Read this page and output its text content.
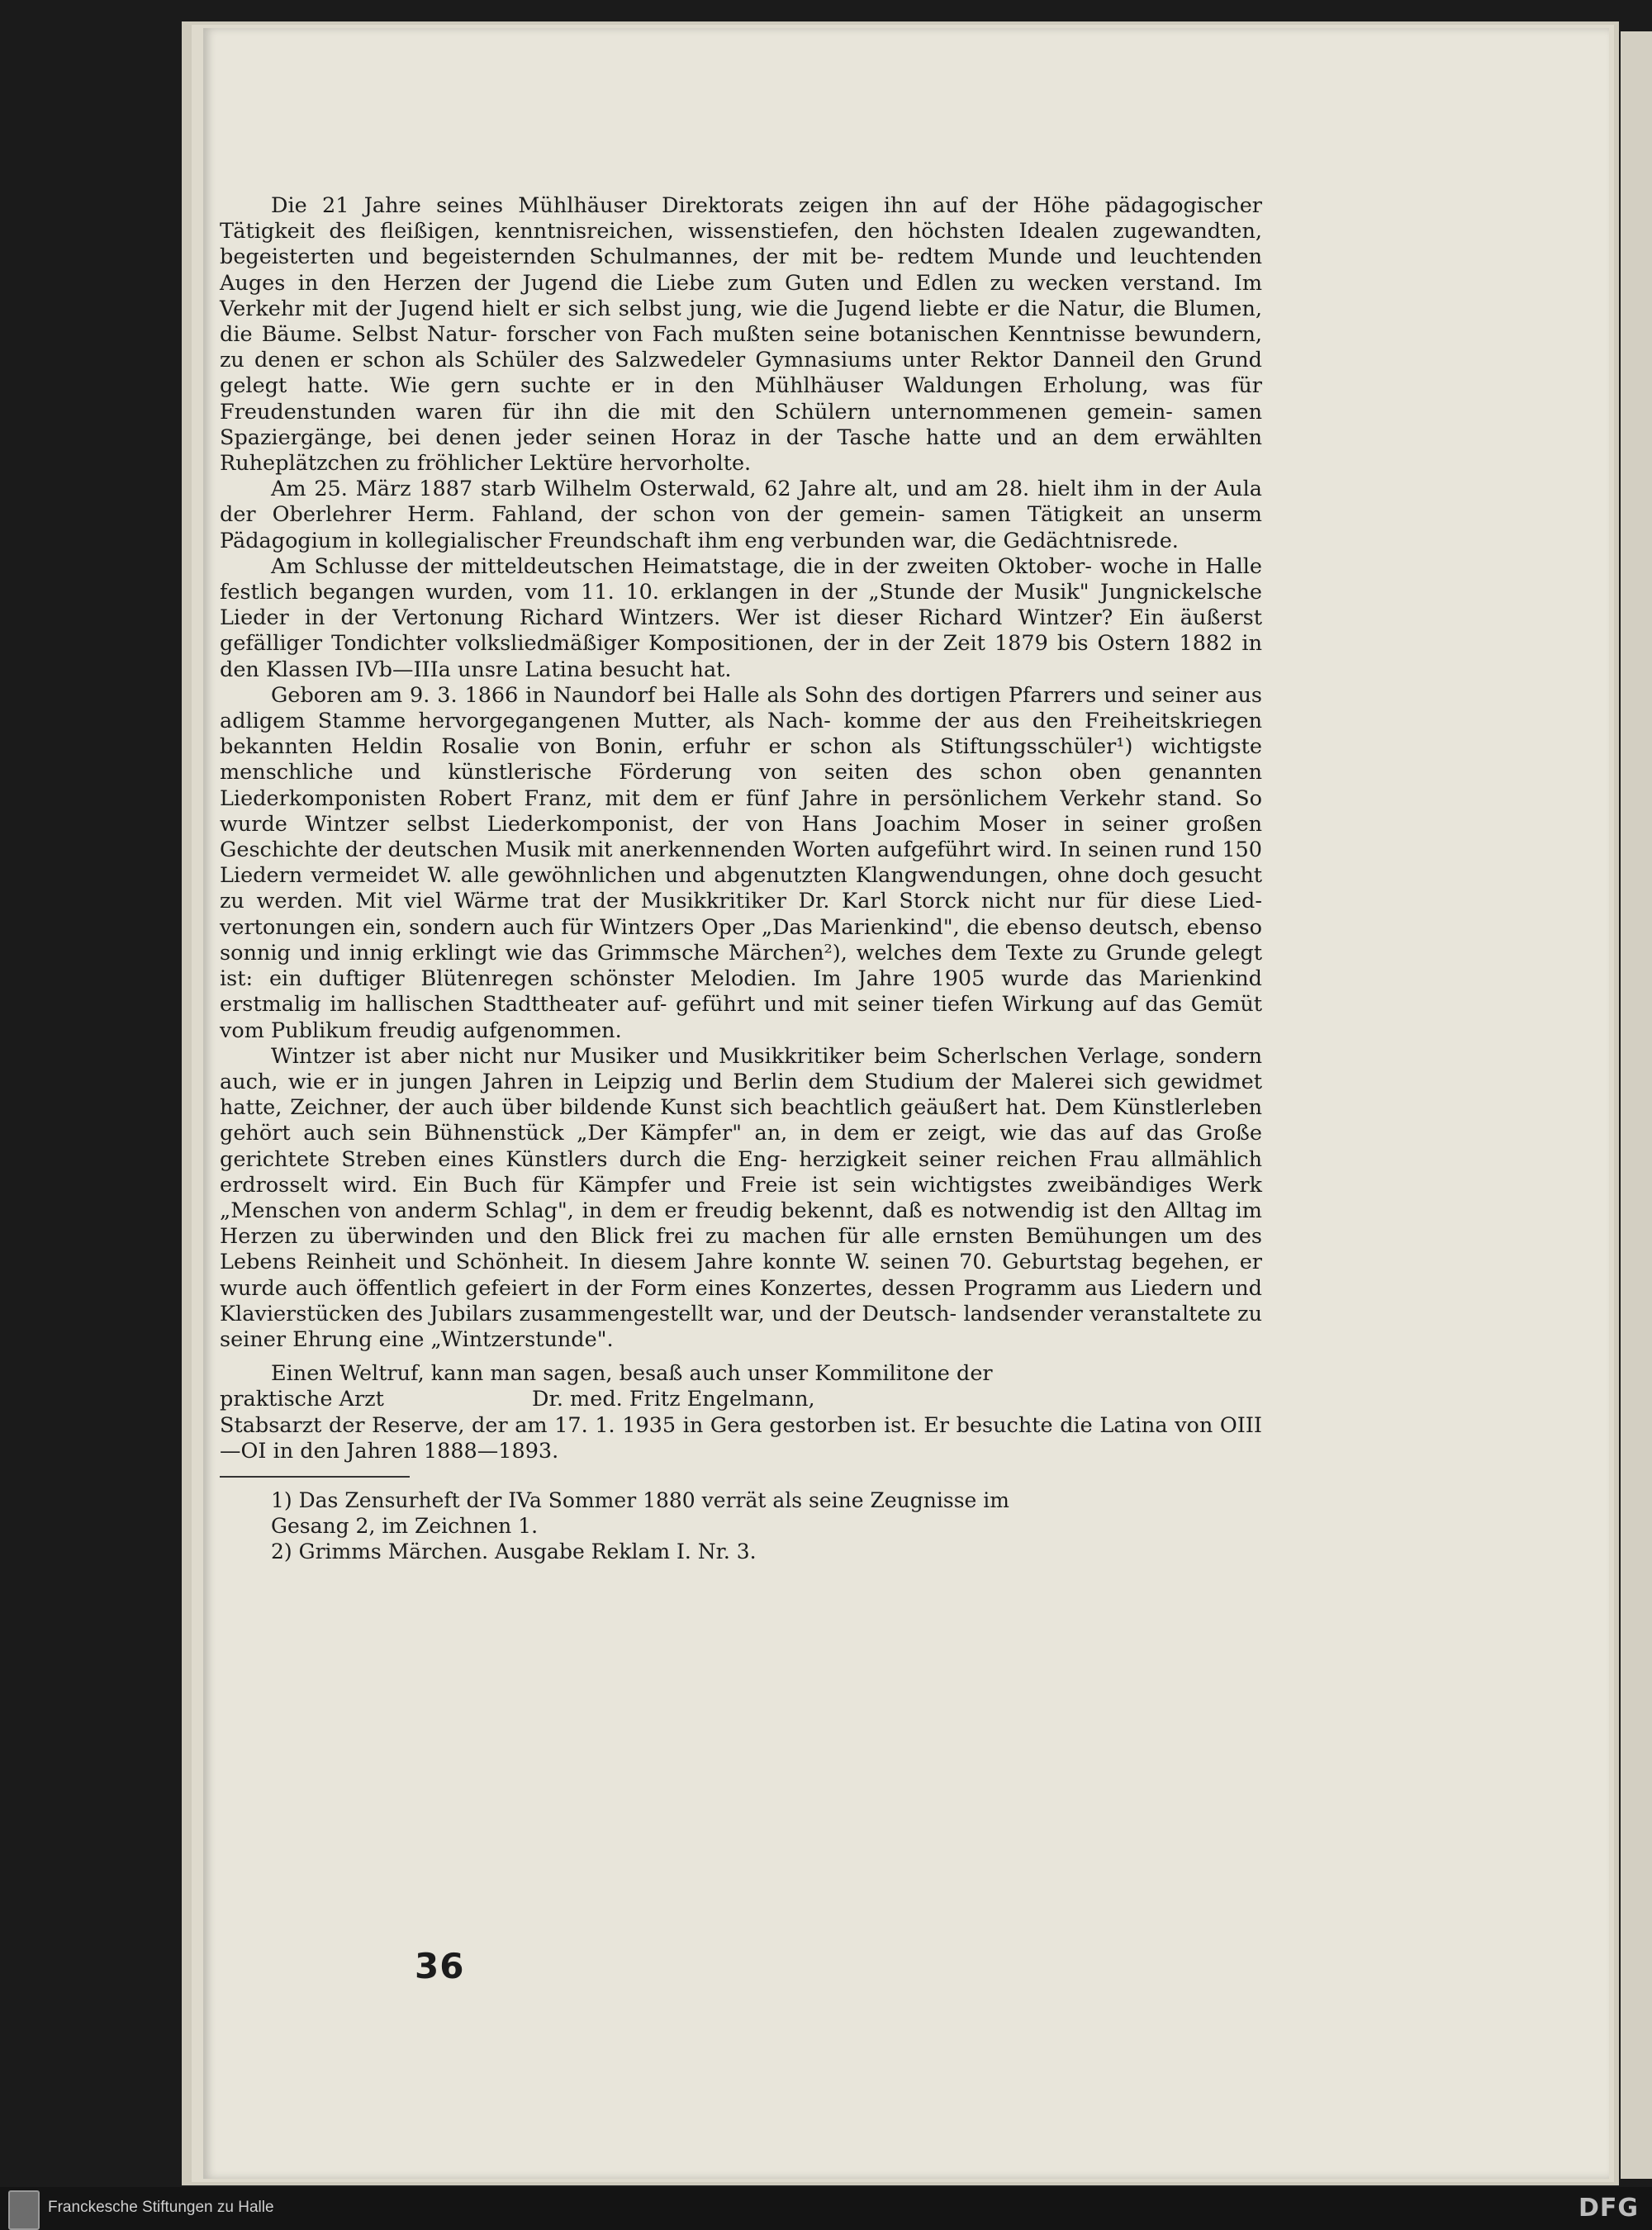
Die 21 Jahre seines Mühlhäuser Direktorats zeigen ihn auf der Höhe pädagogischer Tätigkeit des fleißigen, kenntnisreichen, wissenstiefen, den höchsten Idealen zugewandten, begeisterten und begeisternden Schulmannes, der mit be- redtem Munde und leuchtenden Auges in den Herzen der Jugend die Liebe zum Guten und Edlen zu wecken verstand. Im Verkehr mit der Jugend hielt er sich selbst jung, wie die Jugend liebte er die Natur, die Blumen, die Bäume. Selbst Natur- forscher von Fach mußten seine botanischen Kenntnisse bewundern, zu denen er schon als Schüler des Salzwedeler Gymnasiums unter Rektor Danneil den Grund gelegt hatte. Wie gern suchte er in den Mühlhäuser Waldungen Erholung, was für Freudenstunden waren für ihn die mit den Schülern unternommenen gemein- samen Spaziergänge, bei denen jeder seinen Horaz in der Tasche hatte und an dem erwählten Ruheplätzchen zu fröhlicher Lektüre hervorholte.

Am 25. März 1887 starb Wilhelm Osterwald, 62 Jahre alt, und am 28. hielt ihm in der Aula der Oberlehrer Herm. Fahland, der schon von der gemein- samen Tätigkeit an unserm Pädagogium in kollegialischer Freundschaft ihm eng verbunden war, die Gedächtnisrede.

Am Schlusse der mitteldeutschen Heimatstage, die in der zweiten Oktober- woche in Halle festlich begangen wurden, vom 11. 10. erklangen in der „Stunde der Musik" Jungnickelsche Lieder in der Vertonung Richard Wintzers. Wer ist dieser Richard Wintzer? Ein äußerst gefälliger Tondichter volksliedmäßiger Kompositionen, der in der Zeit 1879 bis Ostern 1882 in den Klassen IVb—IIIa unsre Latina besucht hat.

Geboren am 9. 3. 1866 in Naundorf bei Halle als Sohn des dortigen Pfarrers und seiner aus adligem Stamme hervorgegangenen Mutter, als Nach- komme der aus den Freiheitskriegen bekannten Heldin Rosalie von Bonin, erfuhr er schon als Stiftungsschüler¹) wichtigste menschliche und künstlerische Förderung von seiten des schon oben genannten Liederkomponisten Robert Franz, mit dem er fünf Jahre in persönlichem Verkehr stand. So wurde Wintzer selbst Liederkomponist, der von Hans Joachim Moser in seiner großen Geschichte der deutschen Musik mit anerkennenden Worten aufgeführt wird. In seinen rund 150 Liedern vermeidet W. alle gewöhnlichen und abgenutzten Klangwendungen, ohne doch gesucht zu werden. Mit viel Wärme trat der Musikkritiker Dr. Karl Storck nicht nur für diese Lied- vertonungen ein, sondern auch für Wintzers Oper „Das Marienkind", die ebenso deutsch, ebenso sonnig und innig erklingt wie das Grimmsche Märchen²), welches dem Texte zu Grunde gelegt ist: ein duftiger Blütenregen schönster Melodien. Im Jahre 1905 wurde das Marienkind erstmalig im hallischen Stadttheater auf- geführt und mit seiner tiefen Wirkung auf das Gemüt vom Publikum freudig aufgenommen.

Wintzer ist aber nicht nur Musiker und Musikkritiker beim Scherlschen Verlage, sondern auch, wie er in jungen Jahren in Leipzig und Berlin dem Studium der Malerei sich gewidmet hatte, Zeichner, der auch über bildende Kunst sich beachtlich geäußert hat. Dem Künstlerleben gehört auch sein Bühnenstück „Der Kämpfer" an, in dem er zeigt, wie das auf das Große gerichtete Streben eines Künstlers durch die Eng- herzigkeit seiner reichen Frau allmählich erdrosselt wird. Ein Buch für Kämpfer und Freie ist sein wichtigstes zweibändiges Werk „Menschen von anderm Schlag", in dem er freudig bekennt, daß es notwendig ist den Alltag im Herzen zu überwinden und den Blick frei zu machen für alle ernsten Bemühungen um des Lebens Reinheit und Schönheit. In diesem Jahre konnte W. seinen 70. Geburtstag begehen, er wurde auch öffentlich gefeiert in der Form eines Konzertes, dessen Programm aus Liedern und Klavierstücken des Jubilars zusammengestellt war, und der Deutsch- landsender veranstaltete zu seiner Ehrung eine „Wintzerstunde".

Einen Weltruf, kann man sagen, besaß auch unser Kommilitone der

praktische Arzt	Dr. med. Fritz Engelmann,

Stabsarzt der Reserve, der am 17. 1. 1935 in Gera gestorben ist. Er besuchte die Latina von OIII—OI in den Jahren 1888—1893.

1) Das Zensurheft der IVa Sommer 1880 verrät als seine Zeugnisse im

Gesang 2, im Zeichnen 1.

2) Grimms Märchen. Ausgabe Reklam I. Nr. 3.

36
Franckesche Stiftungen zu Halle	DFG
